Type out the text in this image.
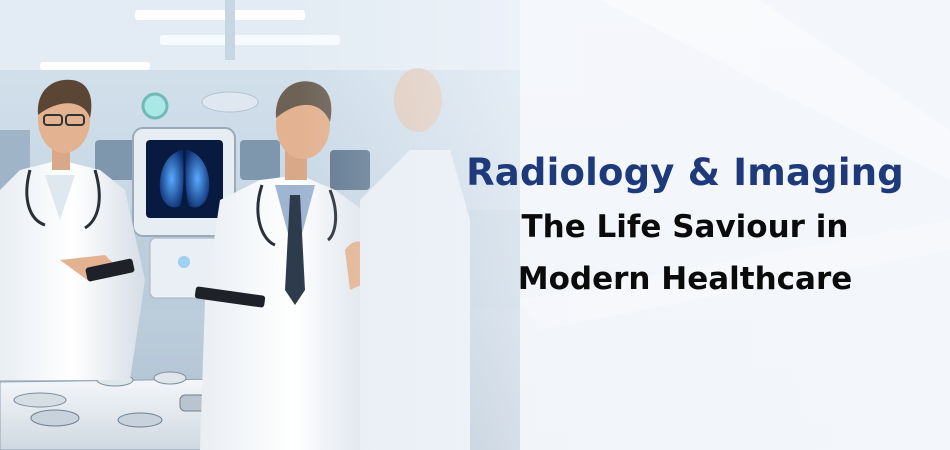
Radiology & Imaging

The Life Saviour in

Modern Healthcare
